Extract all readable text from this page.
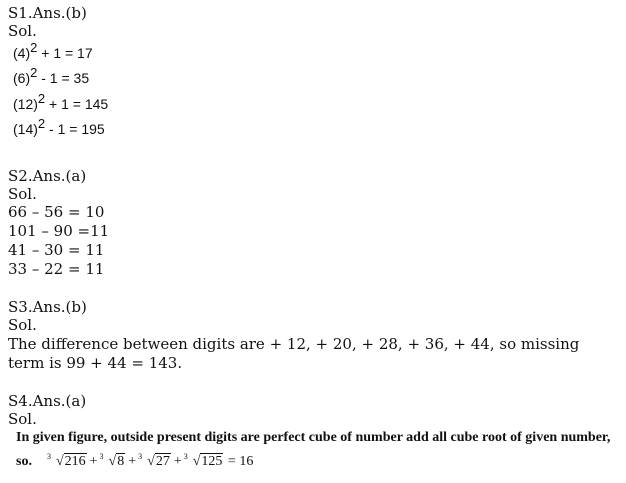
S1.Ans.(b)
Sol.
$(4)^2 + 1 = 17$
$(6)^2 - 1 = 35$
$(12)^2 + 1 = 145$
$(14)^2 - 1 = 195$
S2.Ans.(a)
Sol.
66 – 56 = 10
101 – 90 =11
41 – 30 = 11
33 – 22 = 11
S3.Ans.(b)
Sol.
The difference between digits are + 12, + 20, + 28, + 36, + 44, so missing term is 99 + 44 = 143.
S4.Ans.(a)
Sol.
In given figure, outside present digits are perfect cube of number add all cube root of given number,
so. 3 √216 + 3 √8 + 3 √27 + 3 √125 = 16
